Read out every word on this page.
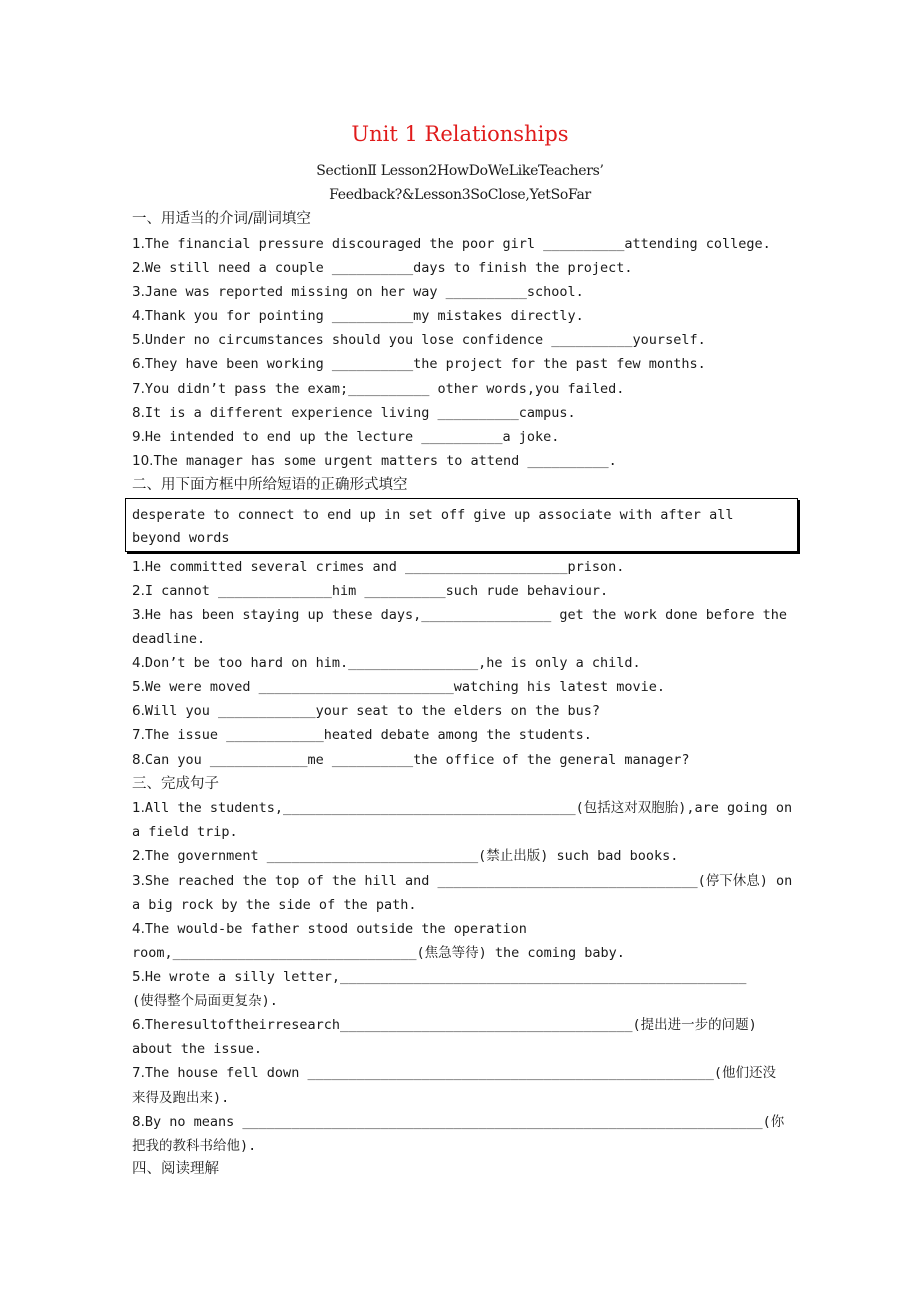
Unit 1 Relationships
SectionⅡ Lesson2HowDoWeLikeTeachers’
Feedback?&Lesson3SoClose,YetSoFar
一、用适当的介词/副词填空
1.The financial pressure discouraged the poor girl __________attending college.
2.We still need a couple __________days to finish the project.
3.Jane was reported missing on her way __________school.
4.Thank you for pointing __________my mistakes directly.
5.Under no circumstances should you lose confidence __________yourself.
6.They have been working __________the project for the past few months.
7.You didn’t pass the exam;__________ other words,you failed.
8.It is a different experience living __________campus.
9.He intended to end up the lecture __________a joke.
10.The manager has some urgent matters to attend __________.
二、用下面方框中所给短语的正确形式填空
desperate to connect to end up in set off give up associate with after all
beyond words
1.He committed several crimes and ____________________prison.
2.I cannot ______________him __________such rude behaviour.
3.He has been staying up these days,________________ get the work done before the
deadline.
4.Don’t be too hard on him.________________,he is only a child.
5.We were moved ________________________watching his latest movie.
6.Will you ____________your seat to the elders on the bus?
7.The issue ____________heated debate among the students.
8.Can you ____________me __________the office of the general manager?
三、完成句子
1.All the students,____________________________________(包括这对双胞胎),are going on
a field trip.
2.The government __________________________(禁止出版) such bad books.
3.She reached the top of the hill and ________________________________(停下休息) on
a big rock by the side of the path.
4.The would-be father stood outside the operation
room,______________________________(焦急等待) the coming baby.
5.He wrote a silly letter,__________________________________________________
(使得整个局面更复杂).
6.Theresultoftheirresearch____________________________________(提出进一步的问题)
about the issue.
7.The house fell down __________________________________________________(他们还没
来得及跑出来).
8.By no means ________________________________________________________________(你
把我的教科书给他).
四、阅读理解
